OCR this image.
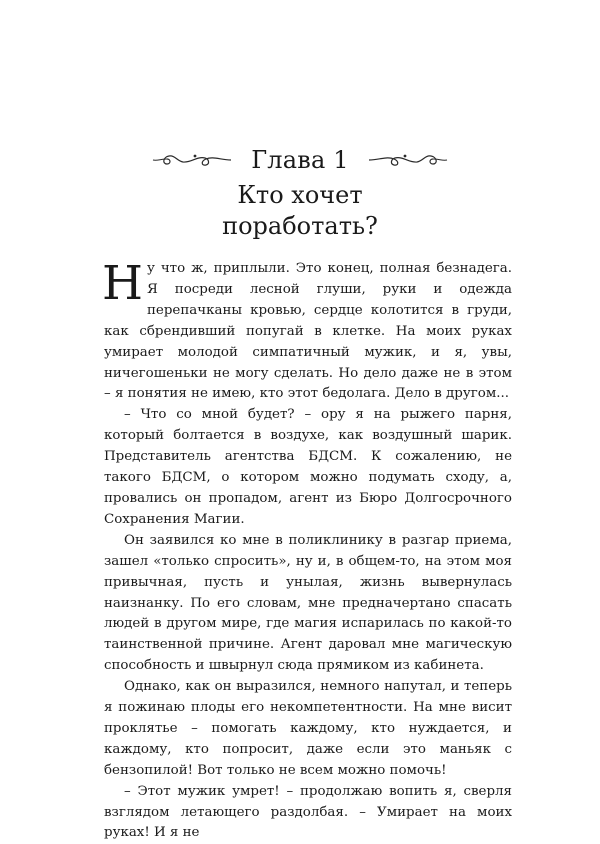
Глава 1
Кто хочет
поработать?

Ну что ж, приплыли. Это конец, полная безнадега. Я посреди лесной глуши, руки и одежда перепачканы кровью, сердце колотится в груди, как сбрендивший попугай в клетке. На моих руках умирает молодой симпатичный мужик, и я, увы, ничегошеньки не могу сделать. Но дело даже не в этом – я понятия не имею, кто этот бедолага. Дело в другом...

– Что со мной будет? – ору я на рыжего парня, который болтается в воздухе, как воздушный шарик. Представитель агентства БДСМ. К сожалению, не такого БДСМ, о котором можно подумать сходу, а, провались он пропадом, агент из Бюро Долгосрочного Сохранения Магии.

Он заявился ко мне в поликлинику в разгар приема, зашел «только спросить», ну и, в общем-то, на этом моя привычная, пусть и унылая, жизнь вывернулась наизнанку. По его словам, мне предначертано спасать людей в другом мире, где магия испарилась по какой-то таинственной причине. Агент даровал мне магическую способность и швырнул сюда прямиком из кабинета.

Однако, как он выразился, немного напутал, и теперь я пожинаю плоды его некомпетентности. На мне висит проклятье – помогать каждому, кто нуждается, и каждому, кто попросит, даже если это маньяк с бензопилой! Вот только не всем можно помочь!

– Этот мужик умрет! – продолжаю вопить я, сверля взглядом летающего раздолбая. – Умирает на моих руках! И я не
